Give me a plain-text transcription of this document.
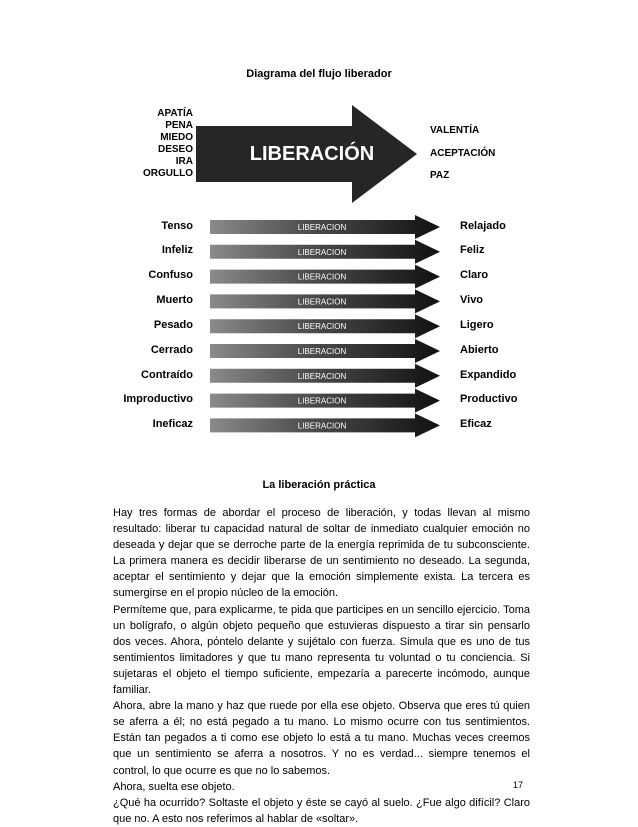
Diagrama del flujo liberador
APATÍA
PENA
MIEDO
DESEO
IRA
ORGULLO
LIBERACIÓN
VALENTÍA
ACEPTACIÓN
PAZ
LIBERACION
LIBERACION
LIBERACION
LIBERACION
LIBERACION
LIBERACION
LIBERACION
LIBERACION
LIBERACION
Tenso
Infeliz
Confuso
Muerto
Pesado
Cerrado
Contraído
Improductivo
Ineficaz
Relajado
Feliz
Claro
Vivo
Ligero
Abierto
Expandido
Productivo
Eficaz
La liberación práctica

Hay tres formas de abordar el proceso de liberación, y todas llevan al mismo resultado: liberar tu capacidad natural de soltar de inmediato cualquier emoción no deseada y dejar que se derroche parte de la energía reprimida de tu subconsciente. La primera manera es decidir liberarse de un sentimiento no deseado. La segunda, aceptar el sentimiento y dejar que la emoción simplemente exista. La tercera es sumergirse en el propio núcleo de la emoción.

Permíteme que, para explicarme, te pida que participes en un sencillo ejercicio. Toma un bolígrafo, o algún objeto pequeño que estuvieras dispuesto a tirar sin pensarlo dos veces. Ahora, pόntelo delante y sujétalo con fuerza. Simula que es uno de tus sentimientos limitadores y que tu mano representa tu voluntad o tu conciencia. Si sujetaras el objeto el tiempo suficiente, empezaría a parecerte incómodo, aunque familiar.

Ahora, abre la mano y haz que ruede por ella ese objeto. Observa que eres tú quien se aferra a él; no está pegado a tu mano. Lo mismo ocurre con tus sentimientos. Están tan pegados a ti como ese objeto lo está a tu mano. Muchas veces creemos que un sentimiento se aferra a nosotros. Y no es verdad... siempre tenemos el control, lo que ocurre es que no lo sabemos.

Ahora, suelta ese objeto.

¿Qué ha ocurrido? Soltaste el objeto y éste se cayó al suelo. ¿Fue algo difícil? Claro que no. A esto nos referimos al hablar de «soltar».

17
